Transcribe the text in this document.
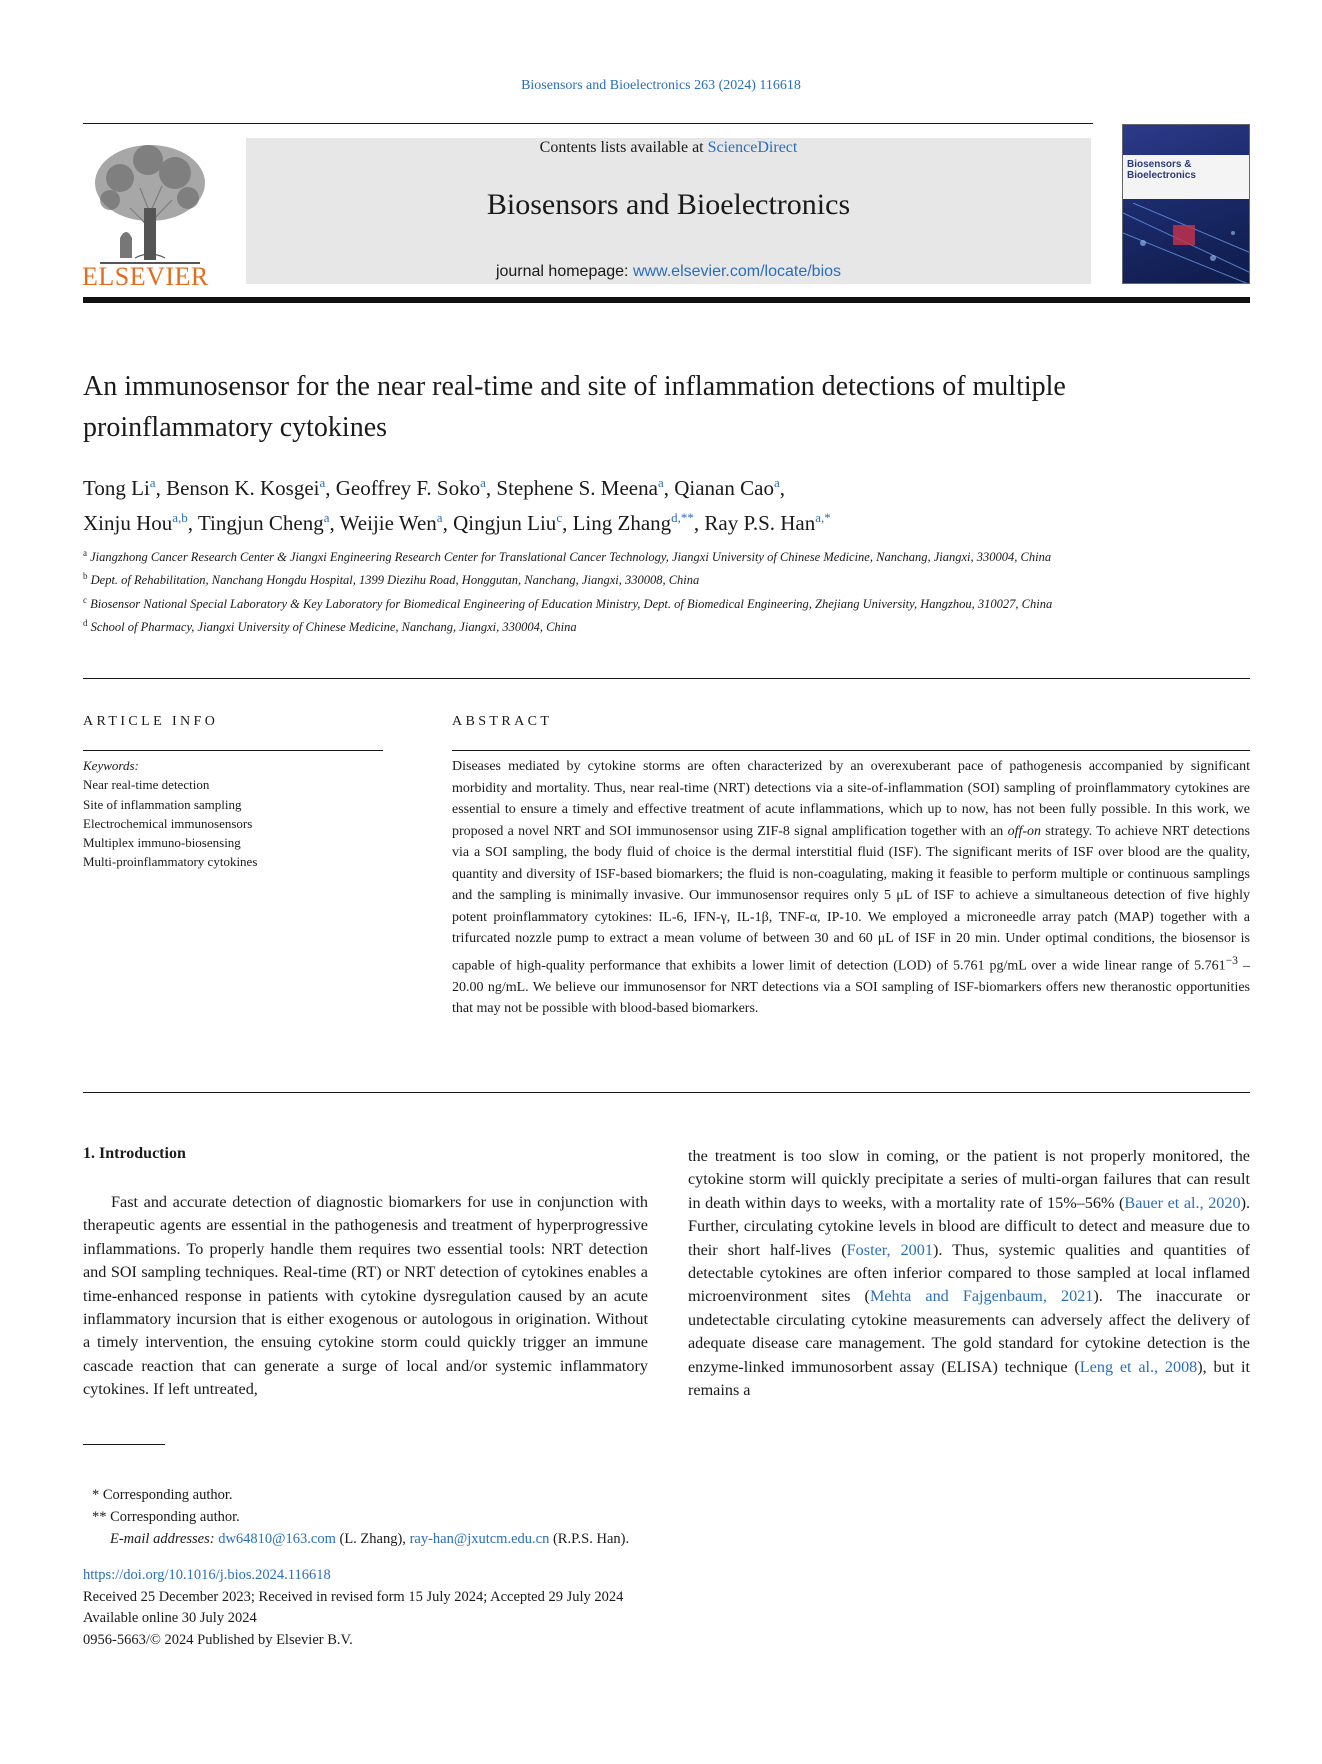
Biosensors and Bioelectronics 263 (2024) 116618
ELSEVIER
Contents lists available at ScienceDirect
Biosensors and Bioelectronics
journal homepage: www.elsevier.com/locate/bios
Biosensors & Bioelectronics
An immunosensor for the near real-time and site of inflammation detections of multiple proinflammatory cytokines
Tong Li$^a$, Benson K. Kosgei$^a$, Geoffrey F. Soko$^a$, Stephene S. Meena$^a$, Qianan Cao$^a$,
Xinju Hou$^{a,b}$, Tingjun Cheng$^a$, Weijie Wen$^a$, Qingjun Liu$^c$, Ling Zhang$^{d,**}$, Ray P.S. Han$^{a,*}$
$^a$ Jiangzhong Cancer Research Center & Jiangxi Engineering Research Center for Translational Cancer Technology, Jiangxi University of Chinese Medicine, Nanchang, Jiangxi, 330004, China
$^b$ Dept. of Rehabilitation, Nanchang Hongdu Hospital, 1399 Diezihu Road, Honggutan, Nanchang, Jiangxi, 330008, China
$^c$ Biosensor National Special Laboratory & Key Laboratory for Biomedical Engineering of Education Ministry, Dept. of Biomedical Engineering, Zhejiang University, Hangzhou, 310027, China
$^d$ School of Pharmacy, Jiangxi University of Chinese Medicine, Nanchang, Jiangxi, 330004, China
ARTICLE INFO	ABSTRACT
Keywords:
Near real-time detection
Site of inflammation sampling
Electrochemical immunosensors
Multiplex immuno-biosensing
Multi-proinflammatory cytokines
Diseases mediated by cytokine storms are often characterized by an overexuberant pace of pathogenesis accompanied by significant morbidity and mortality. Thus, near real-time (NRT) detections via a site-of-inflammation (SOI) sampling of proinflammatory cytokines are essential to ensure a timely and effective treatment of acute inflammations, which up to now, has not been fully possible. In this work, we proposed a novel NRT and SOI immunosensor using ZIF-8 signal amplification together with an off-on strategy. To achieve NRT detections via a SOI sampling, the body fluid of choice is the dermal interstitial fluid (ISF). The significant merits of ISF over blood are the quality, quantity and diversity of ISF-based biomarkers; the fluid is non-coagulating, making it feasible to perform multiple or continuous samplings and the sampling is minimally invasive. Our immunosensor requires only 5 μL of ISF to achieve a simultaneous detection of five highly potent proinflammatory cytokines: IL-6, IFN-γ, IL-1β, TNF-α, IP-10. We employed a microneedle array patch (MAP) together with a trifurcated nozzle pump to extract a mean volume of between 30 and 60 μL of ISF in 20 min. Under optimal conditions, the biosensor is capable of high-quality performance that exhibits a lower limit of detection (LOD) of 5.761 pg/mL over a wide linear range of $5.761^{-3} - 20.00$ ng/mL. We believe our immunosensor for NRT detections via a SOI sampling of ISF-biomarkers offers new theranostic opportunities that may not be possible with blood-based biomarkers.
1. Introduction
Fast and accurate detection of diagnostic biomarkers for use in conjunction with therapeutic agents are essential in the pathogenesis and treatment of hyperprogressive inflammations. To properly handle them requires two essential tools: NRT detection and SOI sampling techniques. Real-time (RT) or NRT detection of cytokines enables a time-enhanced response in patients with cytokine dysregulation caused by an acute inflammatory incursion that is either exogenous or autologous in origination. Without a timely intervention, the ensuing cytokine storm could quickly trigger an immune cascade reaction that can generate a surge of local and/or systemic inflammatory cytokines. If left untreated,
the treatment is too slow in coming, or the patient is not properly monitored, the cytokine storm will quickly precipitate a series of multi-organ failures that can result in death within days to weeks, with a mortality rate of 15%–56% (Bauer et al., 2020). Further, circulating cytokine levels in blood are difficult to detect and measure due to their short half-lives (Foster, 2001). Thus, systemic qualities and quantities of detectable cytokines are often inferior compared to those sampled at local inflamed microenvironment sites (Mehta and Fajgenbaum, 2021). The inaccurate or undetectable circulating cytokine measurements can adversely affect the delivery of adequate disease care management. The gold standard for cytokine detection is the enzyme-linked immunosorbent assay (ELISA) technique (Leng et al., 2008), but it remains a
* Corresponding author.
** Corresponding author.
E-mail addresses: dw64810@163.com (L. Zhang), ray-han@jxutcm.edu.cn (R.P.S. Han).
https://doi.org/10.1016/j.bios.2024.116618
Received 25 December 2023; Received in revised form 15 July 2024; Accepted 29 July 2024
Available online 30 July 2024
0956-5663/© 2024 Published by Elsevier B.V.
